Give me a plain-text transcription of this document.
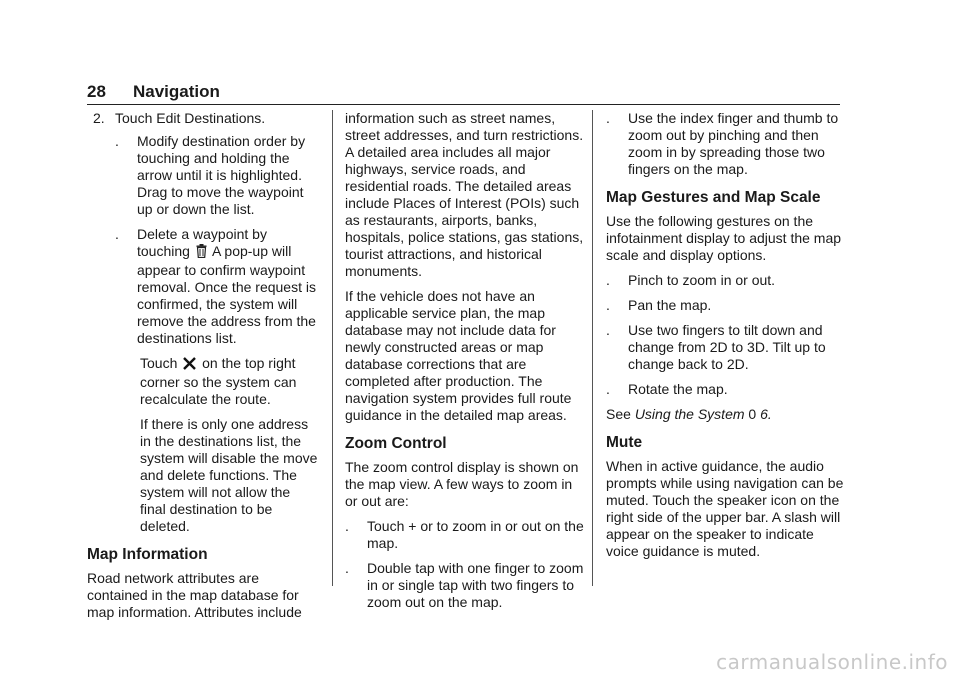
28 Navigation
2. Touch Edit Destinations.
. Modify destination order by touching and holding the arrow until it is highlighted. Drag to move the waypoint up or down the list.
. Delete a waypoint by touching A pop-up will appear to confirm waypoint removal. Once the request is confirmed, the system will remove the address from the destinations list.

Touch on the top right corner so the system can recalculate the route.

If there is only one address in the destinations list, the system will disable the move and delete functions. The system will not allow the final destination to be deleted.

Map Information

Road network attributes are contained in the map database for map information. Attributes include

information such as street names, street addresses, and turn restrictions. A detailed area includes all major highways, service roads, and residential roads. The detailed areas include Places of Interest (POIs) such as restaurants, airports, banks, hospitals, police stations, gas stations, tourist attractions, and historical monuments.

If the vehicle does not have an applicable service plan, the map database may not include data for newly constructed areas or map database corrections that are completed after production. The navigation system provides full route guidance in the detailed map areas.

Zoom Control

The zoom control display is shown on the map view. A few ways to zoom in or out are:

. Touch + or to zoom in or out on the map.
. Double tap with one finger to zoom in or single tap with two fingers to zoom out on the map.
. Use the index finger and thumb to zoom out by pinching and then zoom in by spreading those two fingers on the map.
Map Gestures and Map Scale

Use the following gestures on the infotainment display to adjust the map scale and display options.

. Pinch to zoom in or out.
. Pan the map.
. Use two fingers to tilt down and change from 2D to 3D. Tilt up to change back to 2D.
. Rotate the map.

See Using the System 0 6.

Mute

When in active guidance, the audio prompts while using navigation can be muted. Touch the speaker icon on the right side of the upper bar. A slash will appear on the speaker to indicate voice guidance is muted.

carmanualsonline.info
